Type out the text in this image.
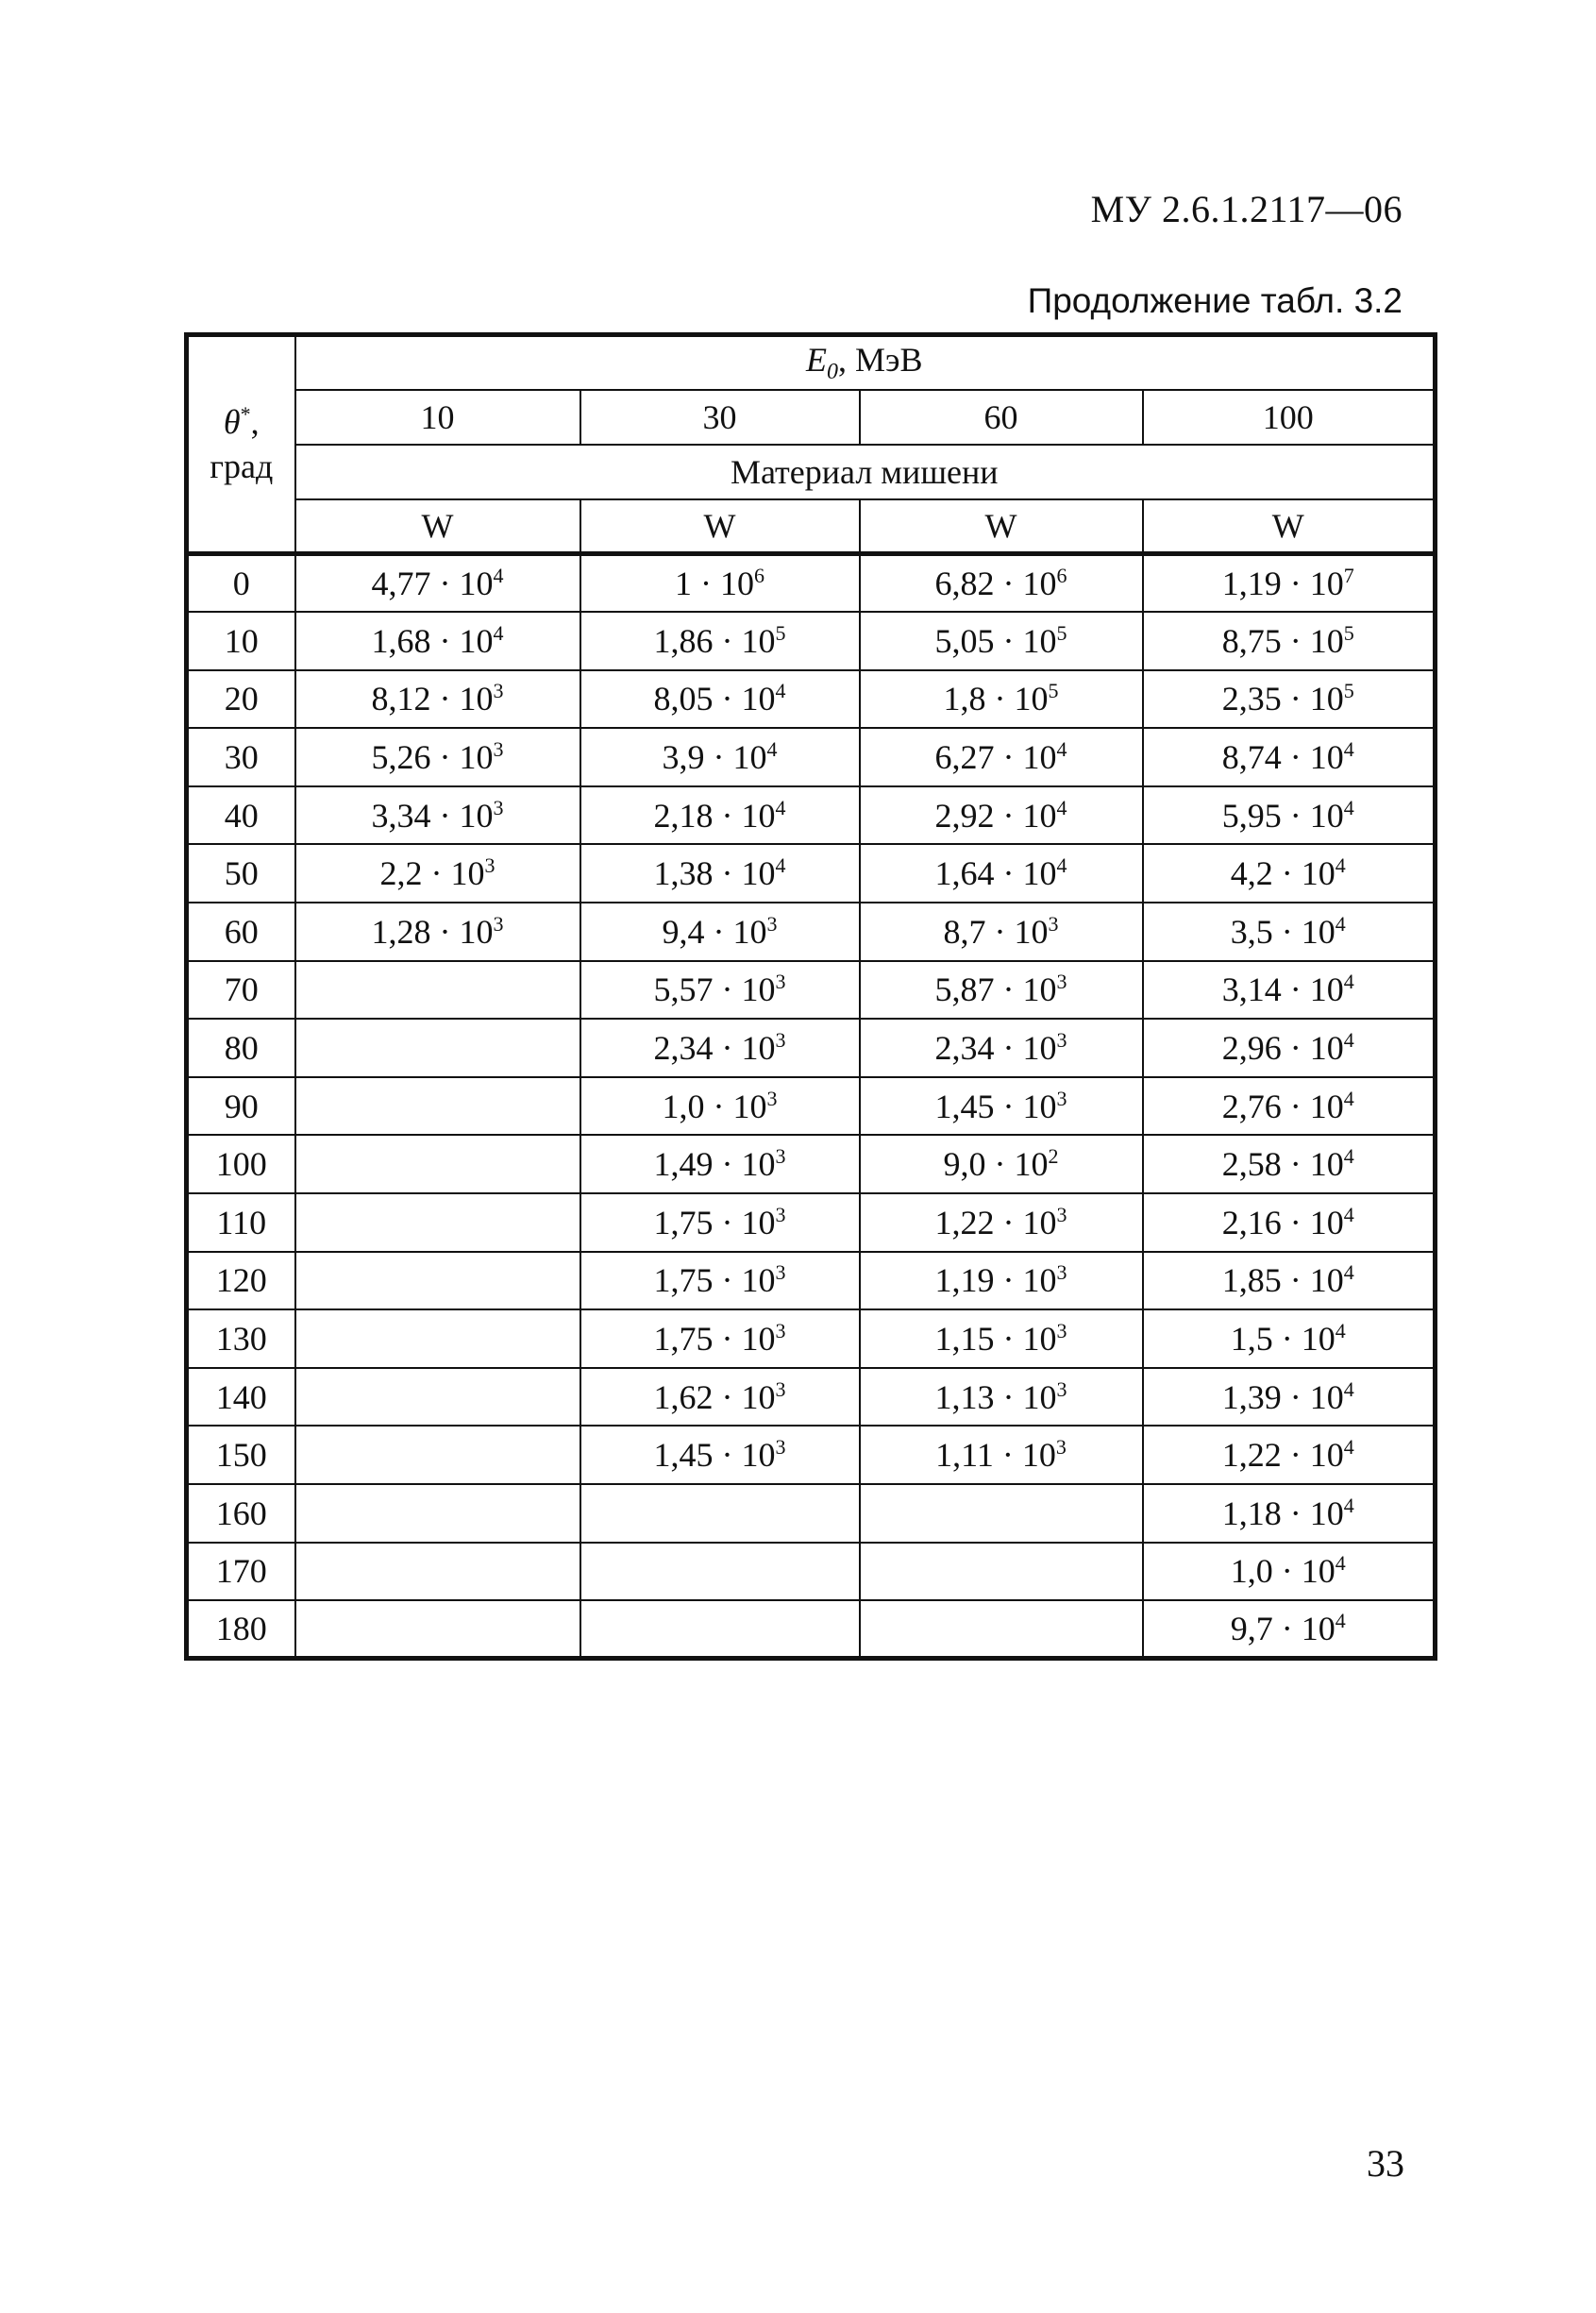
МУ 2.6.1.2117—06
Продолжение табл. 3.2
θ*,
град	$E_0$, МэВ			
	10	30	60	100
	Материал мишени			
	W	W	W	W
0	$4,77 \cdot 10^4$	$1 \cdot 10^6$	$6,82 \cdot 10^6$	$1,19 \cdot 10^7$
10	$1,68 \cdot 10^4$	$1,86 \cdot 10^5$	$5,05 \cdot 10^5$	$8,75 \cdot 10^5$
20	$8,12 \cdot 10^3$	$8,05 \cdot 10^4$	$1,8 \cdot 10^5$	$2,35 \cdot 10^5$
30	$5,26 \cdot 10^3$	$3,9 \cdot 10^4$	$6,27 \cdot 10^4$	$8,74 \cdot 10^4$
40	$3,34 \cdot 10^3$	$2,18 \cdot 10^4$	$2,92 \cdot 10^4$	$5,95 \cdot 10^4$
50	$2,2 \cdot 10^3$	$1,38 \cdot 10^4$	$1,64 \cdot 10^4$	$4,2 \cdot 10^4$
60	$1,28 \cdot 10^3$	$9,4 \cdot 10^3$	$8,7 \cdot 10^3$	$3,5 \cdot 10^4$
70		$5,57 \cdot 10^3$	$5,87 \cdot 10^3$	$3,14 \cdot 10^4$
80		$2,34 \cdot 10^3$	$2,34 \cdot 10^3$	$2,96 \cdot 10^4$
90		$1,0 \cdot 10^3$	$1,45 \cdot 10^3$	$2,76 \cdot 10^4$
100		$1,49 \cdot 10^3$	$9,0 \cdot 10^2$	$2,58 \cdot 10^4$
110		$1,75 \cdot 10^3$	$1,22 \cdot 10^3$	$2,16 \cdot 10^4$
120		$1,75 \cdot 10^3$	$1,19 \cdot 10^3$	$1,85 \cdot 10^4$
130		$1,75 \cdot 10^3$	$1,15 \cdot 10^3$	$1,5 \cdot 10^4$
140		$1,62 \cdot 10^3$	$1,13 \cdot 10^3$	$1,39 \cdot 10^4$
150		$1,45 \cdot 10^3$	$1,11 \cdot 10^3$	$1,22 \cdot 10^4$
160				$1,18 \cdot 10^4$
170				$1,0 \cdot 10^4$
180				$9,7 \cdot 10^4$
33
